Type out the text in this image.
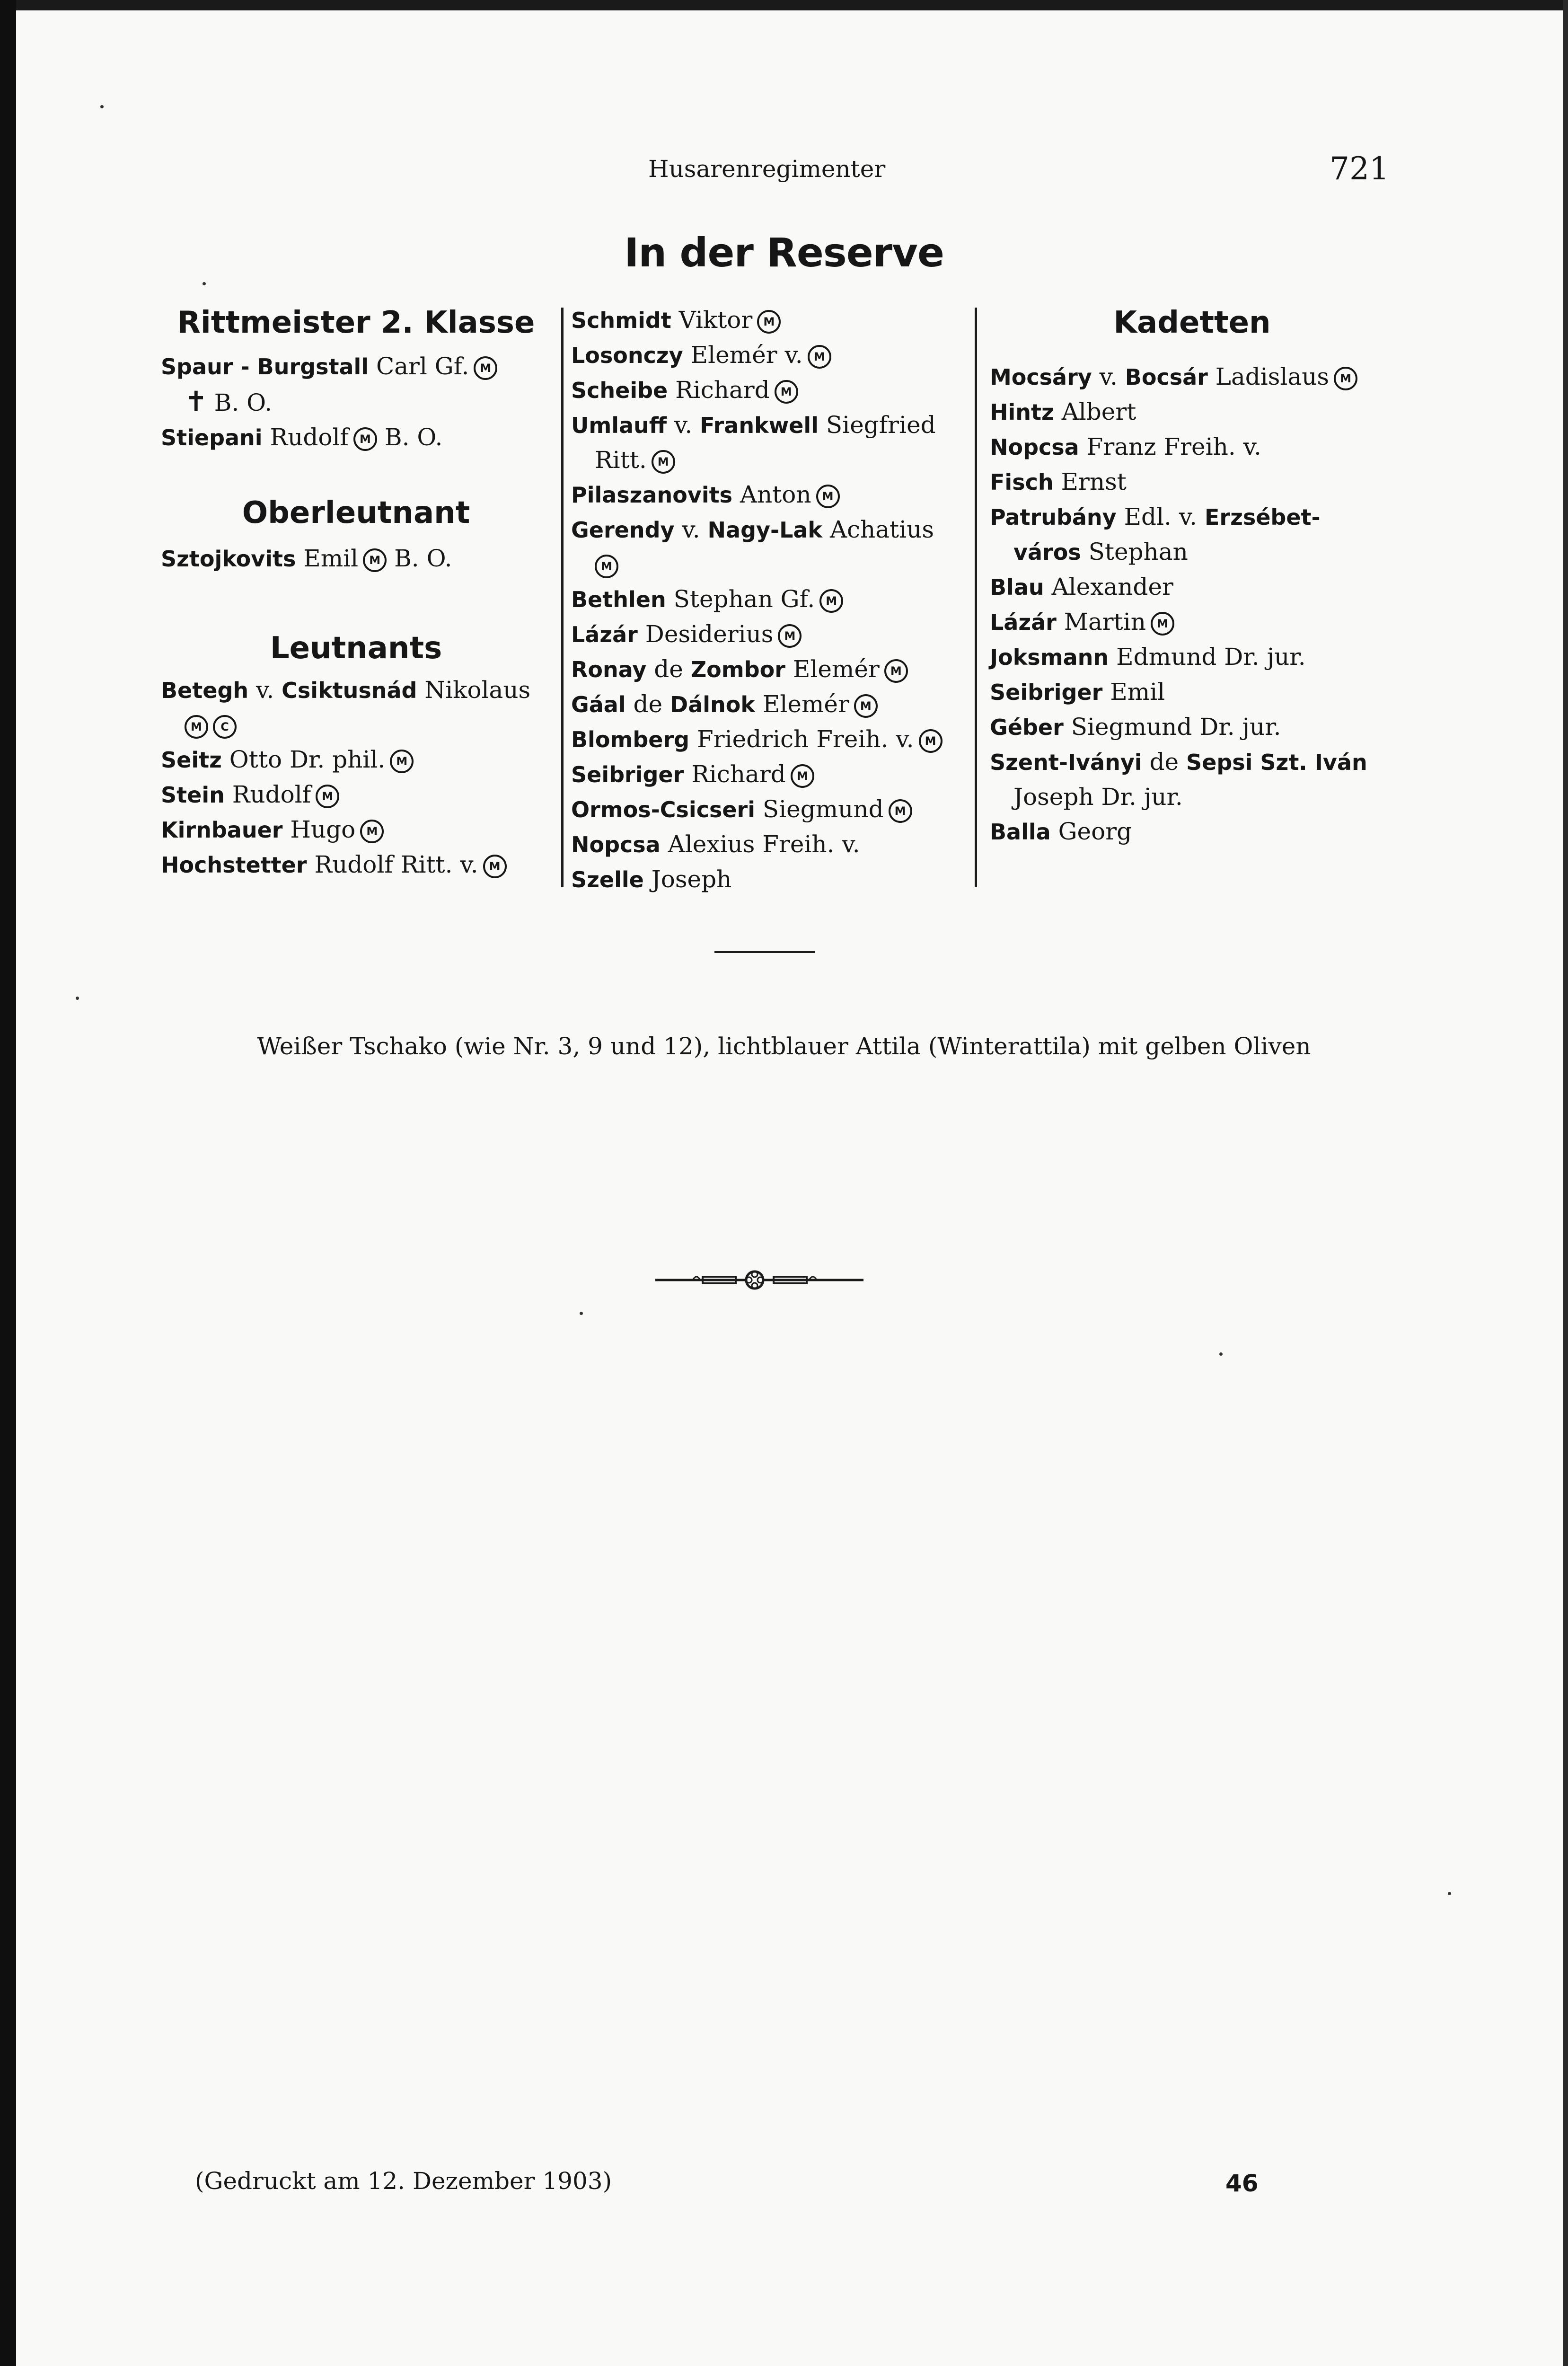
Husarenregimenter	721
In der Reserve
Rittmeister 2. Klasse
Spaur - Burgstall Carl Gf. M
✝ B. O.
Stiepani Rudolf M B. O.
Oberleutnant
Sztojkovits Emil M B. O.
Leutnants
Betegh v. Csiktusnád Nikolaus
M C
Seitz Otto Dr. phil. M
Stein Rudolf M
Kirnbauer Hugo M
Hochstetter Rudolf Ritt. v. M
Schmidt Viktor M
Losonczy Elemér v. M
Scheibe Richard M
Umlauff v. Frankwell Siegfried
Ritt. M
Pilaszanovits Anton M
Gerendy v. Nagy-Lak Achatius
M
Bethlen Stephan Gf. M
Lázár Desiderius M
Ronay de Zombor Elemér M
Gáal de Dálnok Elemér M
Blomberg Friedrich Freih. v. M
Seibriger Richard M
Ormos-Csicseri Siegmund M
Nopcsa Alexius Freih. v.
Szelle Joseph
Kadetten
Mocsáry v. Bocsár Ladislaus M
Hintz Albert
Nopcsa Franz Freih. v.
Fisch Ernst
Patrubány Edl. v. Erzsébet-
város Stephan
Blau Alexander
Lázár Martin M
Joksmann Edmund Dr. jur.
Seibriger Emil
Géber Siegmund Dr. jur.
Szent-Iványi de Sepsi Szt. Iván
Joseph Dr. jur.
Balla Georg
Weißer Tschako (wie Nr. 3, 9 und 12), lichtblauer Attila (Winterattila) mit gelben Oliven
(Gedruckt am 12. Dezember 1903)	46
